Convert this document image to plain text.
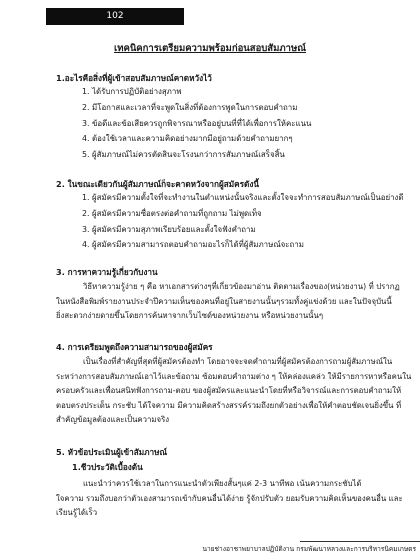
102
เทคนิคการเตรียมความพร้อมก่อนสอบสัมภาษณ์
1.อะไรคือสิ่งที่ผู้เข้าสอบสัมภาษณ์คาดหวังไว้
1. ได้รับการปฏิบัติอย่างสุภาพ
2. มีโอกาสและเวลาที่จะพูดในสิ่งที่ต้องการพูดในการตอบคำถาม
3. ข้อดีและข้อเสียควรถูกพิจารณาหรืออยู่บนที่ที่ได้เพื่อการให้คะแนน
4. ต้องใช้เวลาและความคิดอย่างมากมีอยู่ถามด้วยคำถามยากๆ
5. ผู้สัมภาษณ์ไม่ควรตัดสินจะโรงนกว่าการสัมภาษณ์เสร็จสิ้น
2. ในขณะเดียวกันผู้สัมภาษณ์ก็จะคาดหวังจากผู้สมัครดังนี้
1. ผู้สมัครมีความตั้งใจที่จะทำงานในตำแหน่งนั้นจริงและตั้งใจจะทำการสอบสัมภาษณ์เป็นอย่างดี
2. ผู้สมัครมีความซื่อตรงต่อคำถามที่ถูกถาม ไม่พูดเท็จ
3. ผู้สมัครมีความสุภาพเรียบร้อยและตั้งใจฟังคำถาม
4. ผู้สมัครมีความสามารถตอบคำถามอะไรก็ได้ที่ผู้สัมภาษณ์จะถาม
3. การหาความรู้เกี่ยวกับงาน
วิธีหาความรู้ง่าย ๆ คือ หาเอกสารต่างๆที่เกี่ยวข้องมาอ่าน ติดตามเรื่องของ(หน่วยงาน) ที่ ปรากฏ
ในหนังสือพิมพ์รายงานประจำปีความเห็นของคนที่อยู่ในสายงานนั้นๆรวมทั้งคู่แข่งด้วย และในปัจจุบันนี้
ยิ่งสะดวกง่ายดายขึ้นโดยการค้นหาจากเว็บไซด์ของหน่วยงาน หรือหน่วยงานนั้นๆ
4. การเตรียมพูดถึงความสามารถของผู้สมัคร
เป็นเรื่องที่สำคัญที่สุดที่ผู้สมัครต้องทำ โดยอาจจะจดคำถามที่ผู้สมัครต้องการถามผู้สัมภาษณ์ใน
ระหว่างการสอบสัมภาษณ์เอาไว้และข้อถาม ซ้อมตอบคำถามต่าง ๆ ให้คล่องแคล่ว ให้มีรายการหาหรือคนใน
ครอบครัวและเพื่อนสนิทฟังการถาม-ตอบ ของผู้สมัครและแนะนำโดยที่หรือวิจารณ์และการตอบคำถามให้
ตอบตรงประเด็น กระชับ ได้ใจความ มีความคิดสร้างสรรค์รวมถึงยกตัวอย่างเพื่อให้คำตอบชัดเจนยิ่งขึ้น ที่
สำคัญข้อมูลต้องและเป็นความจริง
5. หัวข้อประเมินผู้เข้าสัมภาษณ์
1.ชีวประวัติเบื้องต้น
แนะนำว่าควรใช้เวลาในการแนะนำตัวเพียงสั้นๆแค่ 2-3 นาทีพอ เน้นความกระชับได้
ใจความ รวมถึงบอกว่าตัวเองสามารถเข้ากับคนอื่นได้ง่าย รู้จักปรับตัว ยอมรับความคิดเห็นของคนอื่น และ
เรียนรู้ได้เร็ว
นายช่างอาชาพยาบาลปฏิบัติงาน กรมพัฒนาหลวงและการบริหารนิคมเกษตร
